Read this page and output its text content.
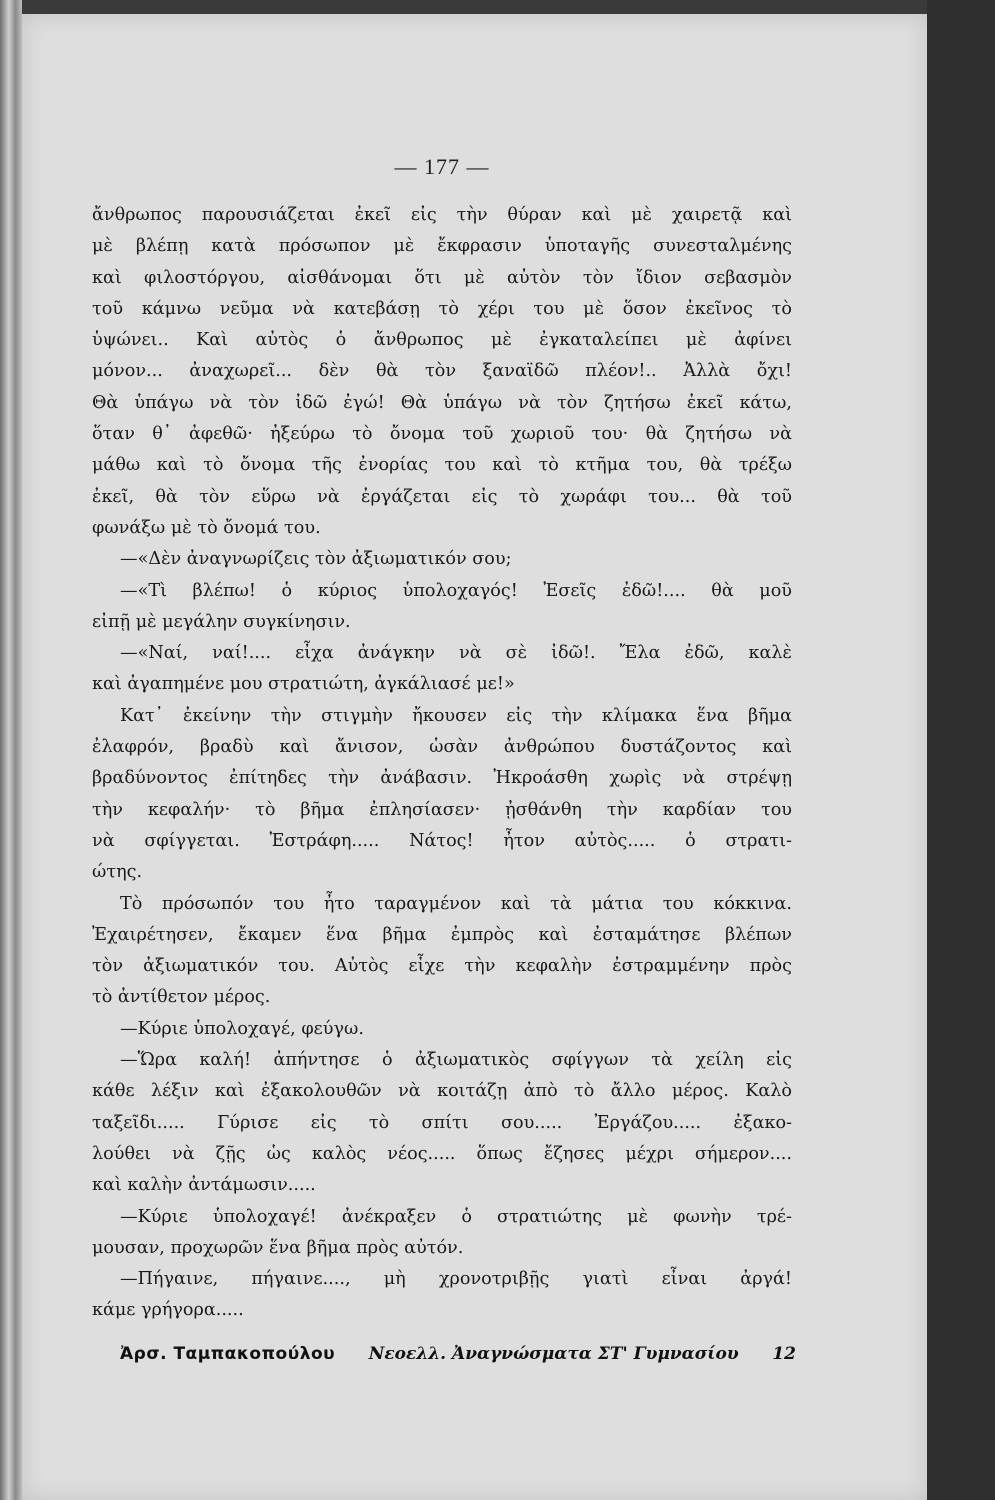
— 177 —
ἄνθρωπος παρουσιάζεται ἐκεῖ εἰς τὴν θύραν καὶ μὲ χαιρετᾷ καὶ
μὲ βλέπῃ κατὰ πρόσωπον μὲ ἔκφρασιν ὑποταγῆς συνεσταλμένης
καὶ φιλοστόργου, αἰσθάνομαι ὅτι μὲ αὐτὸν τὸν ἴδιον σεβασμὸν
τοῦ κάμνω νεῦμα νὰ κατεβάσῃ τὸ χέρι του μὲ ὅσον ἐκεῖνος τὸ
ὑψώνει.. Καὶ αὐτὸς ὁ ἄνθρωπος μὲ ἐγκαταλείπει μὲ ἀφίνει
μόνον... ἀναχωρεῖ... δὲν θὰ τὸν ξαναϊδῶ πλέον!.. Ἀλλὰ ὄχι!
Θὰ ὑπάγω νὰ τὸν ἰδῶ ἐγώ! Θὰ ὑπάγω νὰ τὸν ζητήσω ἐκεῖ κάτω,
ὅταν θ᾽ ἀφεθῶ· ἠξεύρω τὸ ὄνομα τοῦ χωριοῦ του· θὰ ζητήσω νὰ
μάθω καὶ τὸ ὄνομα τῆς ἐνορίας του καὶ τὸ κτῆμα του, θὰ τρέξω
ἐκεῖ, θὰ τὸν εὕρω νὰ ἐργάζεται εἰς τὸ χωράφι του... θὰ τοῦ
φωνάξω μὲ τὸ ὄνομά του.
—«Δὲν ἀναγνωρίζεις τὸν ἀξιωματικόν σου;
—«Τὶ βλέπω! ὁ κύριος ὑπολοχαγός! Ἐσεῖς ἐδῶ!.... θὰ μοῦ
εἰπῇ μὲ μεγάλην συγκίνησιν.
—«Ναί, ναί!.... εἶχα ἀνάγκην νὰ σὲ ἰδῶ!. Ἔλα ἐδῶ, καλὲ
καὶ ἀγαπημένε μου στρατιώτη, ἀγκάλιασέ με!»
Κατ᾽ ἐκείνην τὴν στιγμὴν ἤκουσεν εἰς τὴν κλίμακα ἕνα βῆμα
ἐλαφρόν, βραδὺ καὶ ἄνισον, ὡσὰν ἀνθρώπου δυστάζοντος καὶ
βραδύνοντος ἐπίτηδες τὴν ἀνάβασιν. Ἠκροάσθη χωρὶς νὰ στρέψῃ
τὴν κεφαλήν· τὸ βῆμα ἐπλησίασεν· ᾐσθάνθη τὴν καρδίαν του
νὰ σφίγγεται. Ἐστράφη..... Νάτος! ἦτον αὐτὸς..... ὁ στρατι-
ώτης.
Τὸ πρόσωπόν του ἦτο ταραγμένον καὶ τὰ μάτια του κόκκινα.
Ἐχαιρέτησεν, ἔκαμεν ἕνα βῆμα ἐμπρὸς καὶ ἐσταμάτησε βλέπων
τὸν ἀξιωματικόν του. Αὐτὸς εἶχε τὴν κεφαλὴν ἐστραμμένην πρὸς
τὸ ἀντίθετον μέρος.
—Κύριε ὑπολοχαγέ, φεύγω.
—Ὥρα καλή! ἀπήντησε ὁ ἀξιωματικὸς σφίγγων τὰ χείλη εἰς
κάθε λέξιν καὶ ἐξακολουθῶν νὰ κοιτάζῃ ἀπὸ τὸ ἄλλο μέρος. Καλὸ
ταξεῖδι..... Γύρισε εἰς τὸ σπίτι σου..... Ἐργάζου..... ἐξακο-
λούθει νὰ ζῇς ὡς καλὸς νέος..... ὅπως ἔζησες μέχρι σήμερον....
καὶ καλὴν ἀντάμωσιν.....
—Κύριε ὑπολοχαγέ! ἀνέκραξεν ὁ στρατιώτης μὲ φωνὴν τρέ-
μουσαν, προχωρῶν ἕνα βῆμα πρὸς αὐτόν.
—Πήγαινε, πήγαινε...., μὴ χρονοτριβῇς γιατὶ εἶναι ἀργά!
κάμε γρήγορα.....
Ἀρσ. Ταμπακοπούλου Νεοελλ. Ἀναγνώσματα ΣΤ' Γυμνασίου 12
